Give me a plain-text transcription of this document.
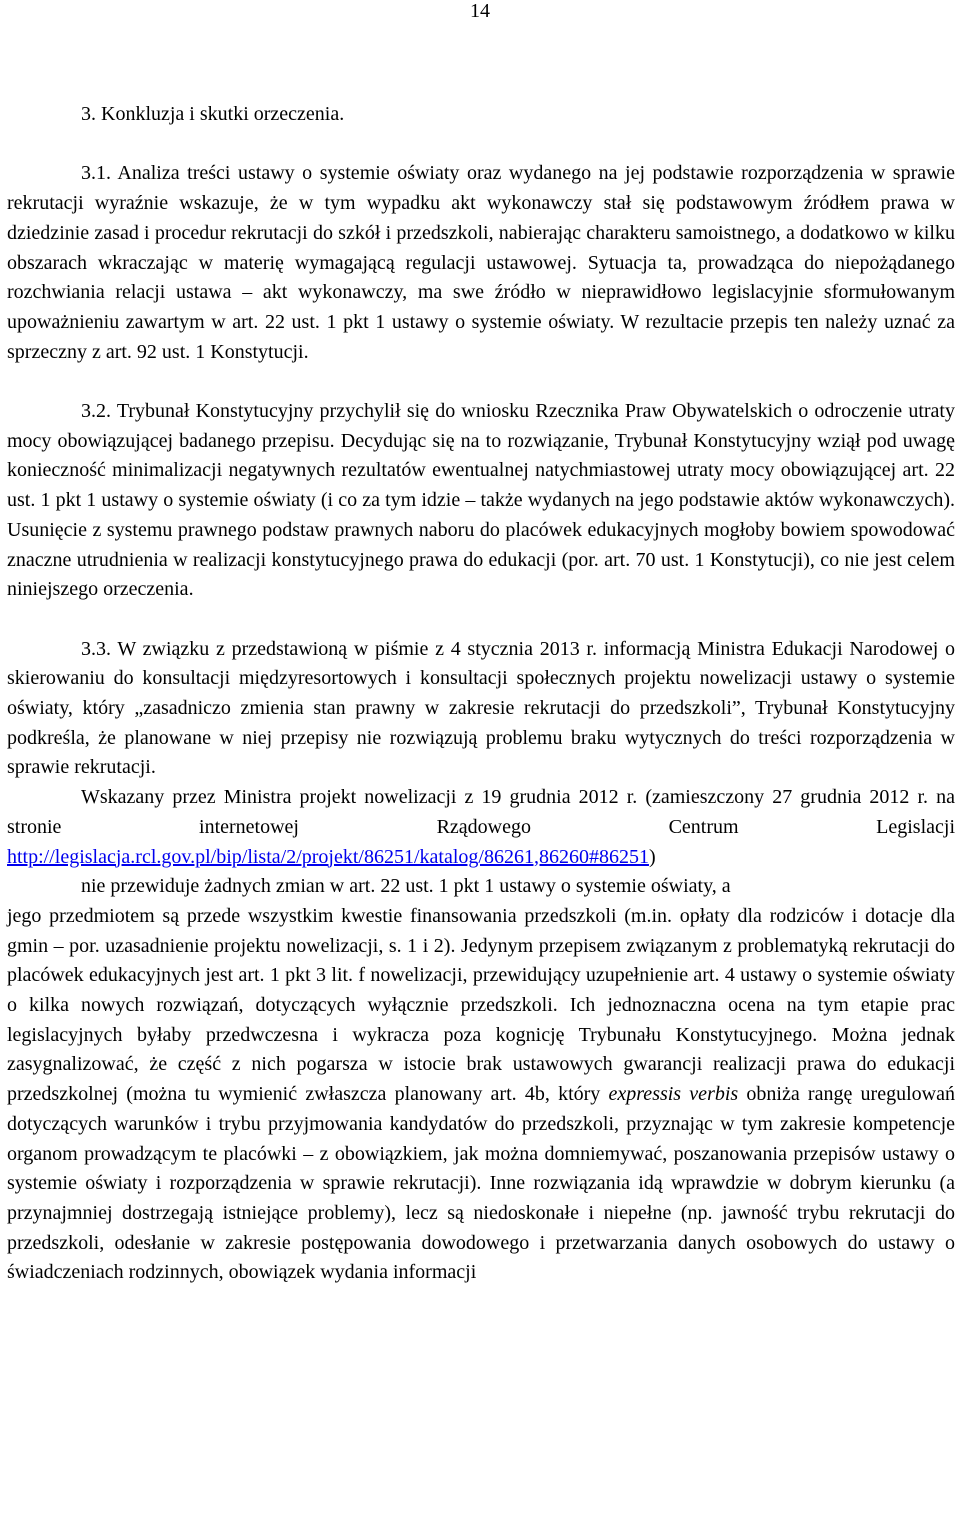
14

3. Konkluzja i skutki orzeczenia.

3.1. Analiza treści ustawy o systemie oświaty oraz wydanego na jej podstawie rozporządzenia w sprawie rekrutacji wyraźnie wskazuje, że w tym wypadku akt wykonawczy stał się podstawowym źródłem prawa w dziedzinie zasad i procedur rekrutacji do szkół i przedszkoli, nabierając charakteru samoistnego, a dodatkowo w kilku obszarach wkraczając w materię wymagającą regulacji ustawowej. Sytuacja ta, prowadząca do niepożądanego rozchwiania relacji ustawa – akt wykonawczy, ma swe źródło w nieprawidłowo legislacyjnie sformułowanym upoważnieniu zawartym w art. 22 ust. 1 pkt 1 ustawy o systemie oświaty. W rezultacie przepis ten należy uznać za sprzeczny z art. 92 ust. 1 Konstytucji.

3.2. Trybunał Konstytucyjny przychylił się do wniosku Rzecznika Praw Obywatelskich o odroczenie utraty mocy obowiązującej badanego przepisu. Decydując się na to rozwiązanie, Trybunał Konstytucyjny wziął pod uwagę konieczność minimalizacji negatywnych rezultatów ewentualnej natychmiastowej utraty mocy obowiązującej art. 22 ust. 1 pkt 1 ustawy o systemie oświaty (i co za tym idzie – także wydanych na jego podstawie aktów wykonawczych). Usunięcie z systemu prawnego podstaw prawnych naboru do placówek edukacyjnych mogłoby bowiem spowodować znaczne utrudnienia w realizacji konstytucyjnego prawa do edukacji (por. art. 70 ust. 1 Konstytucji), co nie jest celem niniejszego orzeczenia.

3.3. W związku z przedstawioną w piśmie z 4 stycznia 2013 r. informacją Ministra Edukacji Narodowej o skierowaniu do konsultacji międzyresortowych i konsultacji społecznych projektu nowelizacji ustawy o systemie oświaty, który „zasadniczo zmienia stan prawny w zakresie rekrutacji do przedszkoli”, Trybunał Konstytucyjny podkreśla, że planowane w niej przepisy nie rozwiązują problemu braku wytycznych do treści rozporządzenia w sprawie rekrutacji.

Wskazany przez Ministra projekt nowelizacji z 19 grudnia 2012 r. (zamieszczony 27 grudnia 2012 r. na stronie internetowej Rządowego Centrum Legislacji http://legislacja.rcl.gov.pl/bip/lista/2/projekt/86251/katalog/86261,86260#86251)

nie przewiduje żadnych zmian w art. 22 ust. 1 pkt 1 ustawy o systemie oświaty, a

jego przedmiotem są przede wszystkim kwestie finansowania przedszkoli (m.in. opłaty dla rodziców i dotacje dla gmin – por. uzasadnienie projektu nowelizacji, s. 1 i 2). Jedynym przepisem związanym z problematyką rekrutacji do placówek edukacyjnych jest art. 1 pkt 3 lit. f nowelizacji, przewidujący uzupełnienie art. 4 ustawy o systemie oświaty o kilka nowych rozwiązań, dotyczących wyłącznie przedszkoli. Ich jednoznaczna ocena na tym etapie prac legislacyjnych byłaby przedwczesna i wykracza poza kognicję Trybunału Konstytucyjnego. Można jednak zasygnalizować, że część z nich pogarsza w istocie brak ustawowych gwarancji realizacji prawa do edukacji przedszkolnej (można tu wymienić zwłaszcza planowany art. 4b, który expressis verbis obniża rangę uregulowań dotyczących warunków i trybu przyjmowania kandydatów do przedszkoli, przyznając w tym zakresie kompetencje organom prowadzącym te placówki – z obowiązkiem, jak można domniemywać, poszanowania przepisów ustawy o systemie oświaty i rozporządzenia w sprawie rekrutacji). Inne rozwiązania idą wprawdzie w dobrym kierunku (a przynajmniej dostrzegają istniejące problemy), lecz są niedoskonałe i niepełne (np. jawność trybu rekrutacji do przedszkoli, odesłanie w zakresie postępowania dowodowego i przetwarzania danych osobowych do ustawy o świadczeniach rodzinnych, obowiązek wydania informacji
